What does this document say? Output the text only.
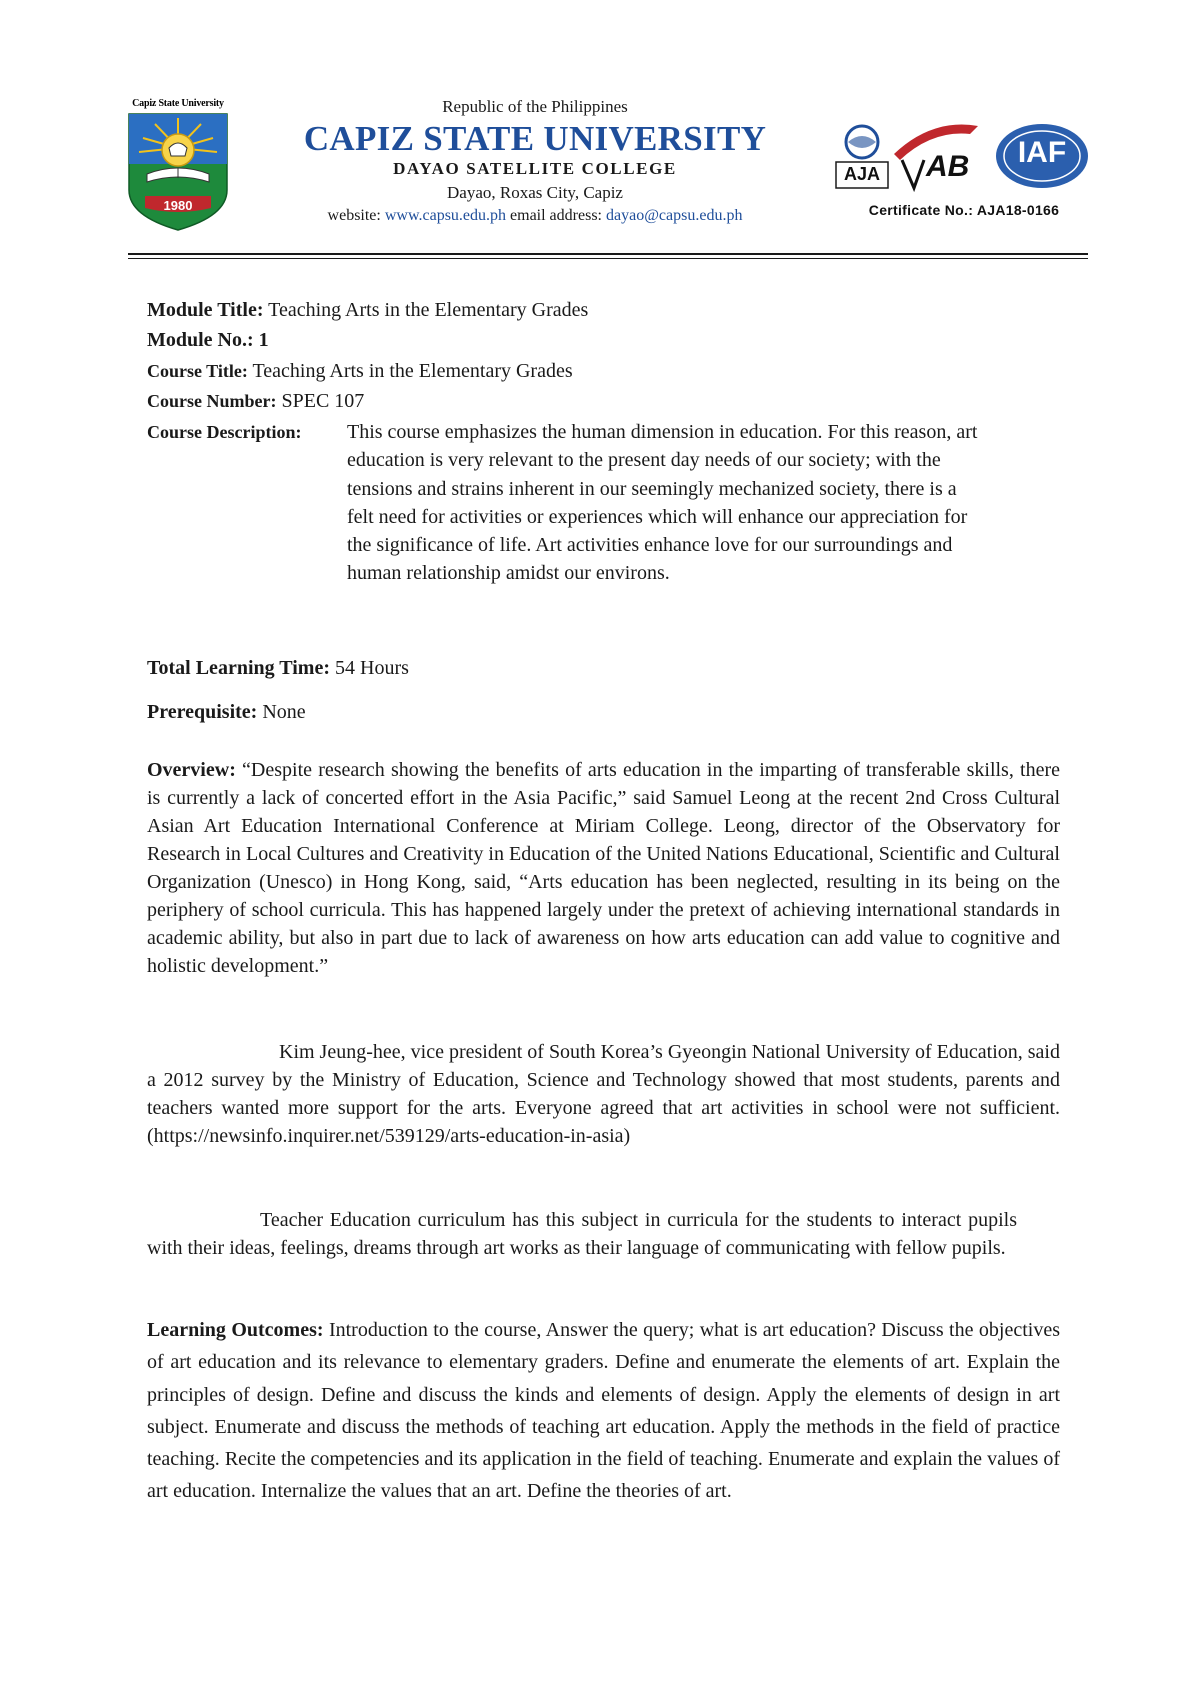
Capiz State University
1980
Republic of the Philippines
CAPIZ STATE UNIVERSITY
DAYAO SATELLITE COLLEGE
Dayao, Roxas City, Capiz
website: www.capsu.edu.ph email address: dayao@capsu.edu.ph
AJA AB	IAF
Certificate No.: AJA18-0166
Module Title: Teaching Arts in the Elementary Grades
Module No.: 1
Course Title: Teaching Arts in the Elementary Grades
Course Number: SPEC 107
Course Description: This course emphasizes the human dimension in education. For this reason, art education is very relevant to the present day needs of our society; with the tensions and strains inherent in our seemingly mechanized society, there is a felt need for activities or experiences which will enhance our appreciation for the significance of life. Art activities enhance love for our surroundings and human relationship amidst our environs.
Total Learning Time: 54 Hours
Prerequisite: None
Overview: “Despite research showing the benefits of arts education in the imparting of transferable skills, there is currently a lack of concerted effort in the Asia Pacific,” said Samuel Leong at the recent 2nd Cross Cultural Asian Art Education International Conference at Miriam College. Leong, director of the Observatory for Research in Local Cultures and Creativity in Education of the United Nations Educational, Scientific and Cultural Organization (Unesco) in Hong Kong, said, “Arts education has been neglected, resulting in its being on the periphery of school curricula. This has happened largely under the pretext of achieving international standards in academic ability, but also in part due to lack of awareness on how arts education can add value to cognitive and holistic development.”
Kim Jeung-hee, vice president of South Korea’s Gyeongin National University of Education, said a 2012 survey by the Ministry of Education, Science and Technology showed that most students, parents and teachers wanted more support for the arts. Everyone agreed that art activities in school were not sufficient. (https://newsinfo.inquirer.net/539129/arts-education-in-asia)
Teacher Education curriculum has this subject in curricula for the students to interact pupils with their ideas, feelings, dreams through art works as their language of communicating with fellow pupils.
Learning Outcomes: Introduction to the course, Answer the query; what is art education? Discuss the objectives of art education and its relevance to elementary graders. Define and enumerate the elements of art. Explain the principles of design. Define and discuss the kinds and elements of design. Apply the elements of design in art subject. Enumerate and discuss the methods of teaching art education. Apply the methods in the field of practice teaching. Recite the competencies and its application in the field of teaching. Enumerate and explain the values of art education. Internalize the values that an art. Define the theories of art.
